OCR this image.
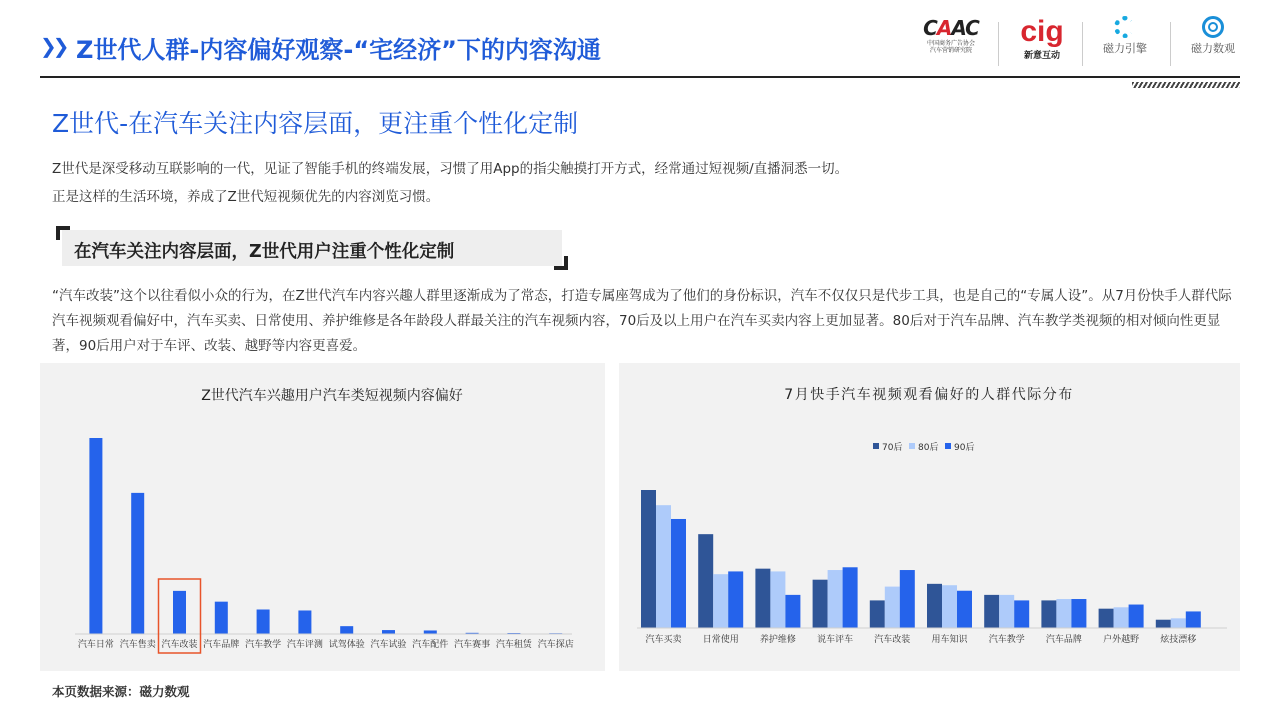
❯❯ Z世代人群-内容偏好观察-“宅经济”下的内容沟通
CAAC
中国商务广告协会
汽车营销研究院
cig
新意互动
磁力引擎	磁力数观
Z世代-在汽车关注内容层面，更注重个性化定制
Z世代是深受移动互联影响的一代，见证了智能手机的终端发展，习惯了用App的指尖触摸打开方式，经常通过短视频/直播洞悉一切。
正是这样的生活环境，养成了Z世代短视频优先的内容浏览习惯。
在汽车关注内容层面，Z世代用户注重个性化定制
“汽车改装”这个以往看似小众的行为，在Z世代汽车内容兴趣人群里逐渐成为了常态，打造专属座驾成为了他们的身份标识，汽车不仅仅只是代步工具，也是自己的“专属人设”。从7月份快手人群代际汽车视频观看偏好中，汽车买卖、日常使用、养护维修是各年龄段人群最关注的汽车视频内容，70后及以上用户在汽车买卖内容上更加显著。80后对于汽车品牌、汽车教学类视频的相对倾向性更显著，90后用户对于车评、改装、越野等内容更喜爱。
Z世代汽车兴趣用户汽车类短视频内容偏好
汽车日常 汽车售卖 汽车改装 汽车品牌 汽车教学 汽车评测 试驾体验 汽车试验 汽车配件 汽车赛事 汽车租赁 汽车探店
7月快手汽车视频观看偏好的人群代际分布
70后 80后 90后
汽车买卖 日常使用 养护维修 说车评车 汽车改装 用车知识 汽车教学 汽车品牌 户外越野 炫技漂移
本页数据来源：磁力数观
